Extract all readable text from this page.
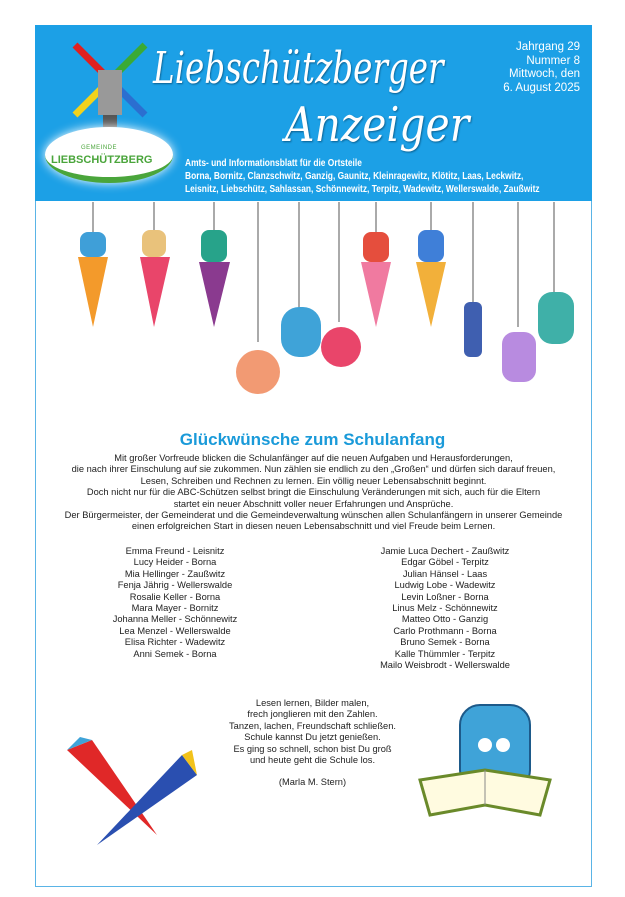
GEMEINDE
LIEBSCHÜTZBERG
Liebschützberger
Anzeiger
Jahrgang 29
Nummer 8
Mittwoch, den
6. August 2025
Amts- und Informationsblatt für die Ortsteile
Borna, Bornitz, Clanzschwitz, Ganzig, Gaunitz, Kleinragewitz, Klötitz, Laas, Leckwitz,
Leisnitz, Liebschütz, Sahlassan, Schönnewitz, Terpitz, Wadewitz, Wellerswalde, Zaußwitz
Glückwünsche zum Schulanfang
Mit großer Vorfreude blicken die Schulanfänger auf die neuen Aufgaben und Herausforderungen,
die nach ihrer Einschulung auf sie zukommen. Nun zählen sie endlich zu den „Großen“ und dürfen sich darauf freuen,
Lesen, Schreiben und Rechnen zu lernen. Ein völlig neuer Lebensabschnitt beginnt.
Doch nicht nur für die ABC-Schützen selbst bringt die Einschulung Veränderungen mit sich, auch für die Eltern
startet ein neuer Abschnitt voller neuer Erfahrungen und Ansprüche.
Der Bürgermeister, der Gemeinderat und die Gemeindeverwaltung wünschen allen Schulanfängern in unserer Gemeinde
einen erfolgreichen Start in diesen neuen Lebensabschnitt und viel Freude beim Lernen.
Emma Freund - Leisnitz
Lucy Heider - Borna
Mia Hellinger - Zaußwitz
Fenja Jährig - Wellerswalde
Rosalie Keller - Borna
Mara Mayer - Bornitz
Johanna Meller - Schönnewitz
Lea Menzel - Wellerswalde
Elisa Richter - Wadewitz
Anni Semek - Borna
Jamie Luca Dechert - Zaußwitz
Edgar Göbel - Terpitz
Julian Hänsel - Laas
Ludwig Lobe - Wadewitz
Levin Loßner - Borna
Linus Melz - Schönnewitz
Matteo Otto - Ganzig
Carlo Prothmann - Borna
Bruno Semek - Borna
Kalle Thümmler - Terpitz
Mailo Weisbrodt - Wellerswalde
Lesen lernen, Bilder malen,
frech jonglieren mit den Zahlen.
Tanzen, lachen, Freundschaft schließen.
Schule kannst Du jetzt genießen.
Es ging so schnell, schon bist Du groß
und heute geht die Schule los.
(Marla M. Stern)
